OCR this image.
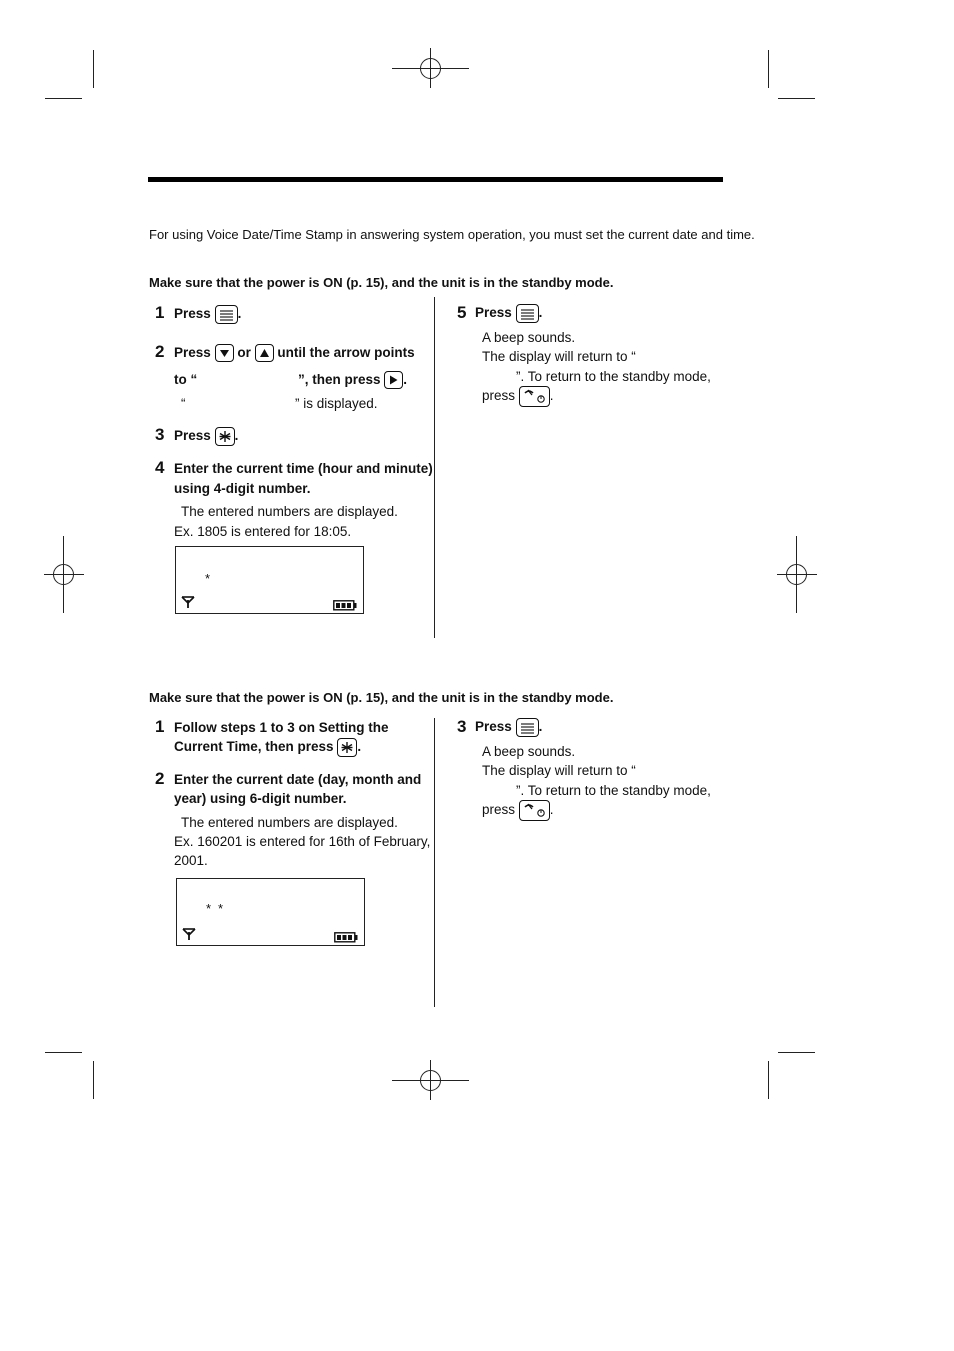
For using Voice Date/Time Stamp in answering system operation, you must set the current date and time.
Make sure that the power is ON (p. 15), and the unit is in the standby mode.
1 Press .
2 Press or until the arrow points
to “	”, then press .
“	” is displayed.
3 Press .
4 Enter the current time (hour and minute)
using 4-digit number.
The entered numbers are displayed.
Ex. 1805 is entered for 18:05.
*
5 Press .
A beep sounds.
The display will return to “
”. To return to the standby mode,
press	.
Make sure that the power is ON (p. 15), and the unit is in the standby mode.
1 Follow steps 1 to 3 on Setting the
Current Time, then press .
2 Enter the current date (day, month and
year) using 6-digit number.
The entered numbers are displayed.
Ex. 160201 is entered for 16th of February,
2001.
* *
3 Press .
A beep sounds.
The display will return to “
”. To return to the standby mode,
press	.
